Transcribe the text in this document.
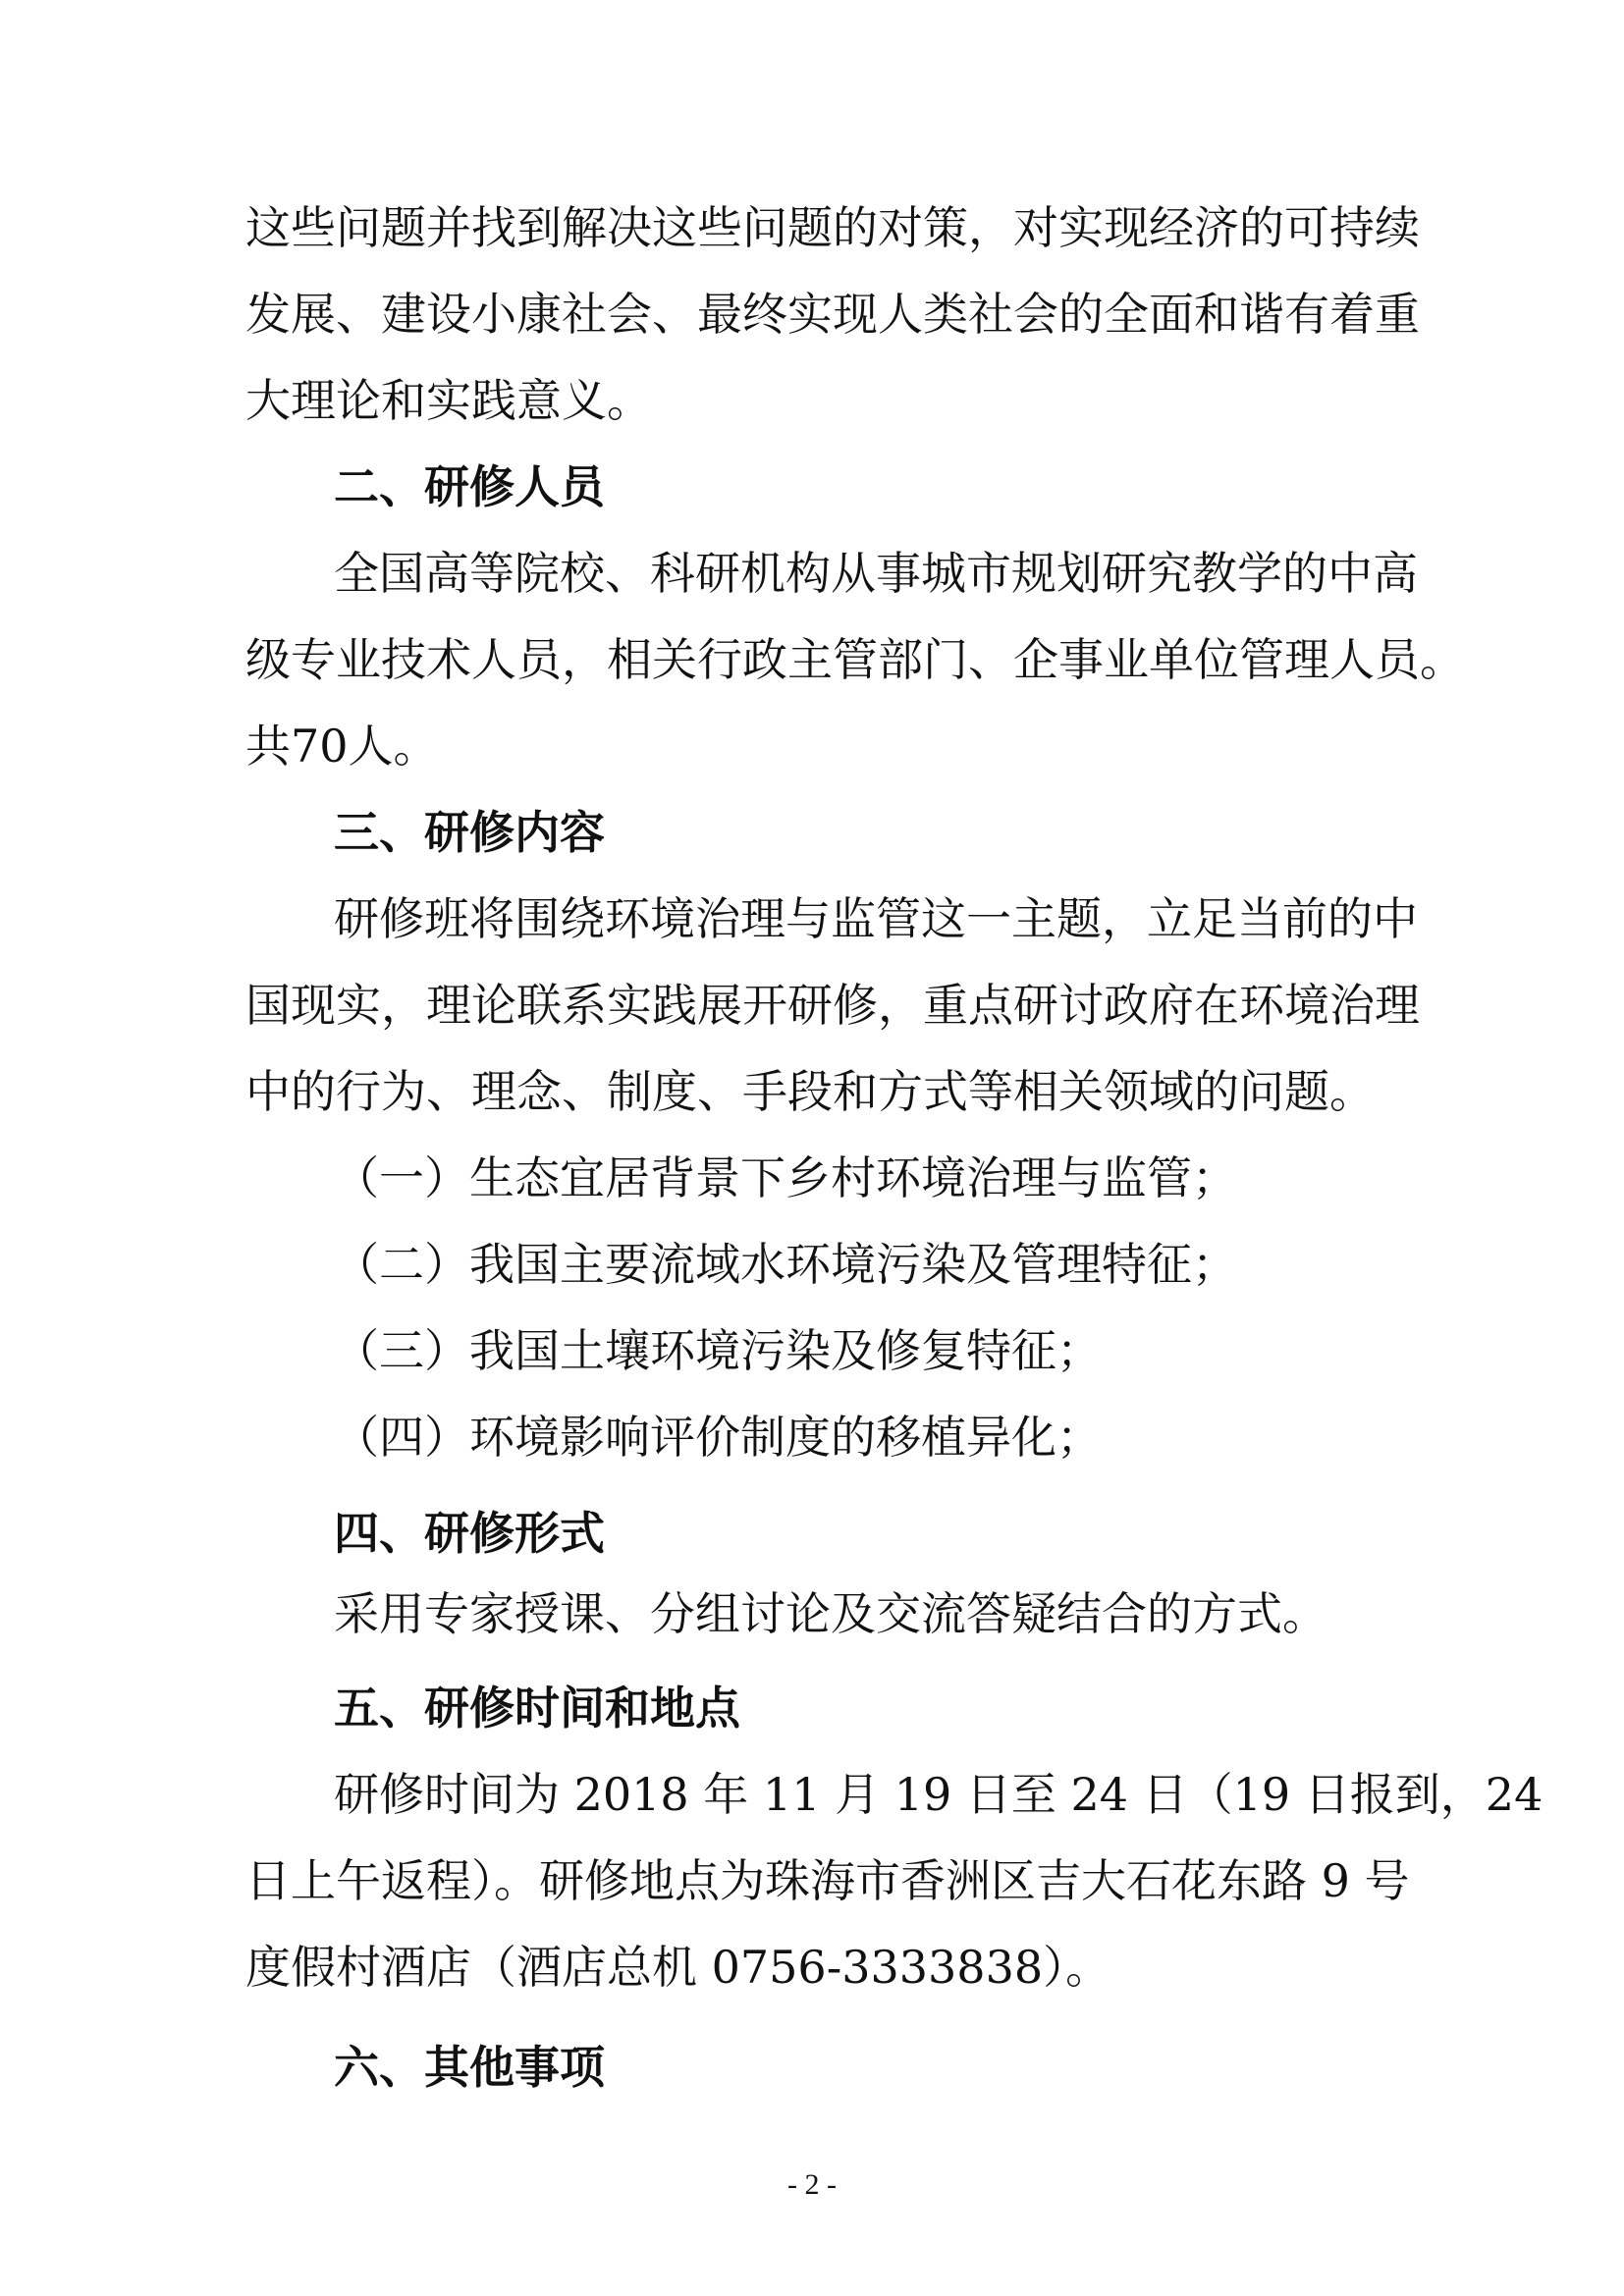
这些问题并找到解决这些问题的对策，对实现经济的可持续
发展、建设小康社会、最终实现人类社会的全面和谐有着重
大理论和实践意义。
二、研修人员
全国高等院校、科研机构从事城市规划研究教学的中高
级专业技术人员，相关行政主管部门、企事业单位管理人员。
共70人。
三、研修内容
研修班将围绕环境治理与监管这一主题，立足当前的中
国现实，理论联系实践展开研修，重点研讨政府在环境治理
中的行为、理念、制度、手段和方式等相关领域的问题。
（一）生态宜居背景下乡村环境治理与监管；
（二）我国主要流域水环境污染及管理特征；
（三）我国土壤环境污染及修复特征；
（四）环境影响评价制度的移植异化；
四、研修形式
采用专家授课、分组讨论及交流答疑结合的方式。
五、研修时间和地点
研修时间为 2018 年 11 月 19 日至 24 日（19 日报到，24
日上午返程）。研修地点为珠海市香洲区吉大石花东路 9 号
度假村酒店（酒店总机 0756-3333838）。
六、其他事项
- 2 -
